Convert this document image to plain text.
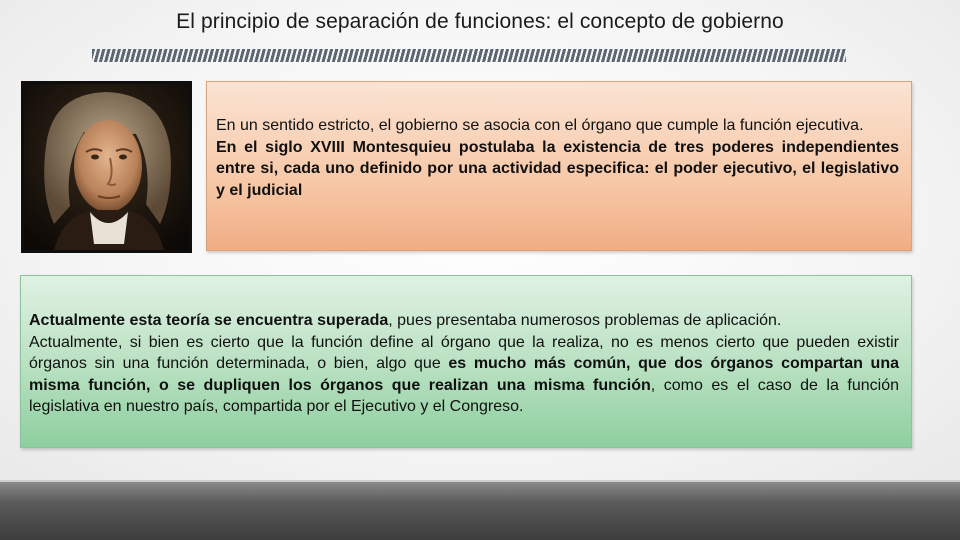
El principio de separación de funciones: el concepto de gobierno

En un sentido estricto, el gobierno se asocia con el órgano que cumple la función ejecutiva.

En el siglo XVIII Montesquieu postulaba la existencia de tres poderes independientes entre si, cada uno definido por una actividad especifica: el poder ejecutivo, el legislativo y el judicial

Actualmente esta teoría se encuentra superada, pues presentaba numerosos problemas de aplicación.

Actualmente, si bien es cierto que la función define al órgano que la realiza, no es menos cierto que pueden existir órganos sin una función determinada, o bien, algo que es mucho más común, que dos órganos compartan una misma función, o se dupliquen los órganos que realizan una misma función, como es el caso de la función legislativa en nuestro país, compartida por el Ejecutivo y el Congreso.
